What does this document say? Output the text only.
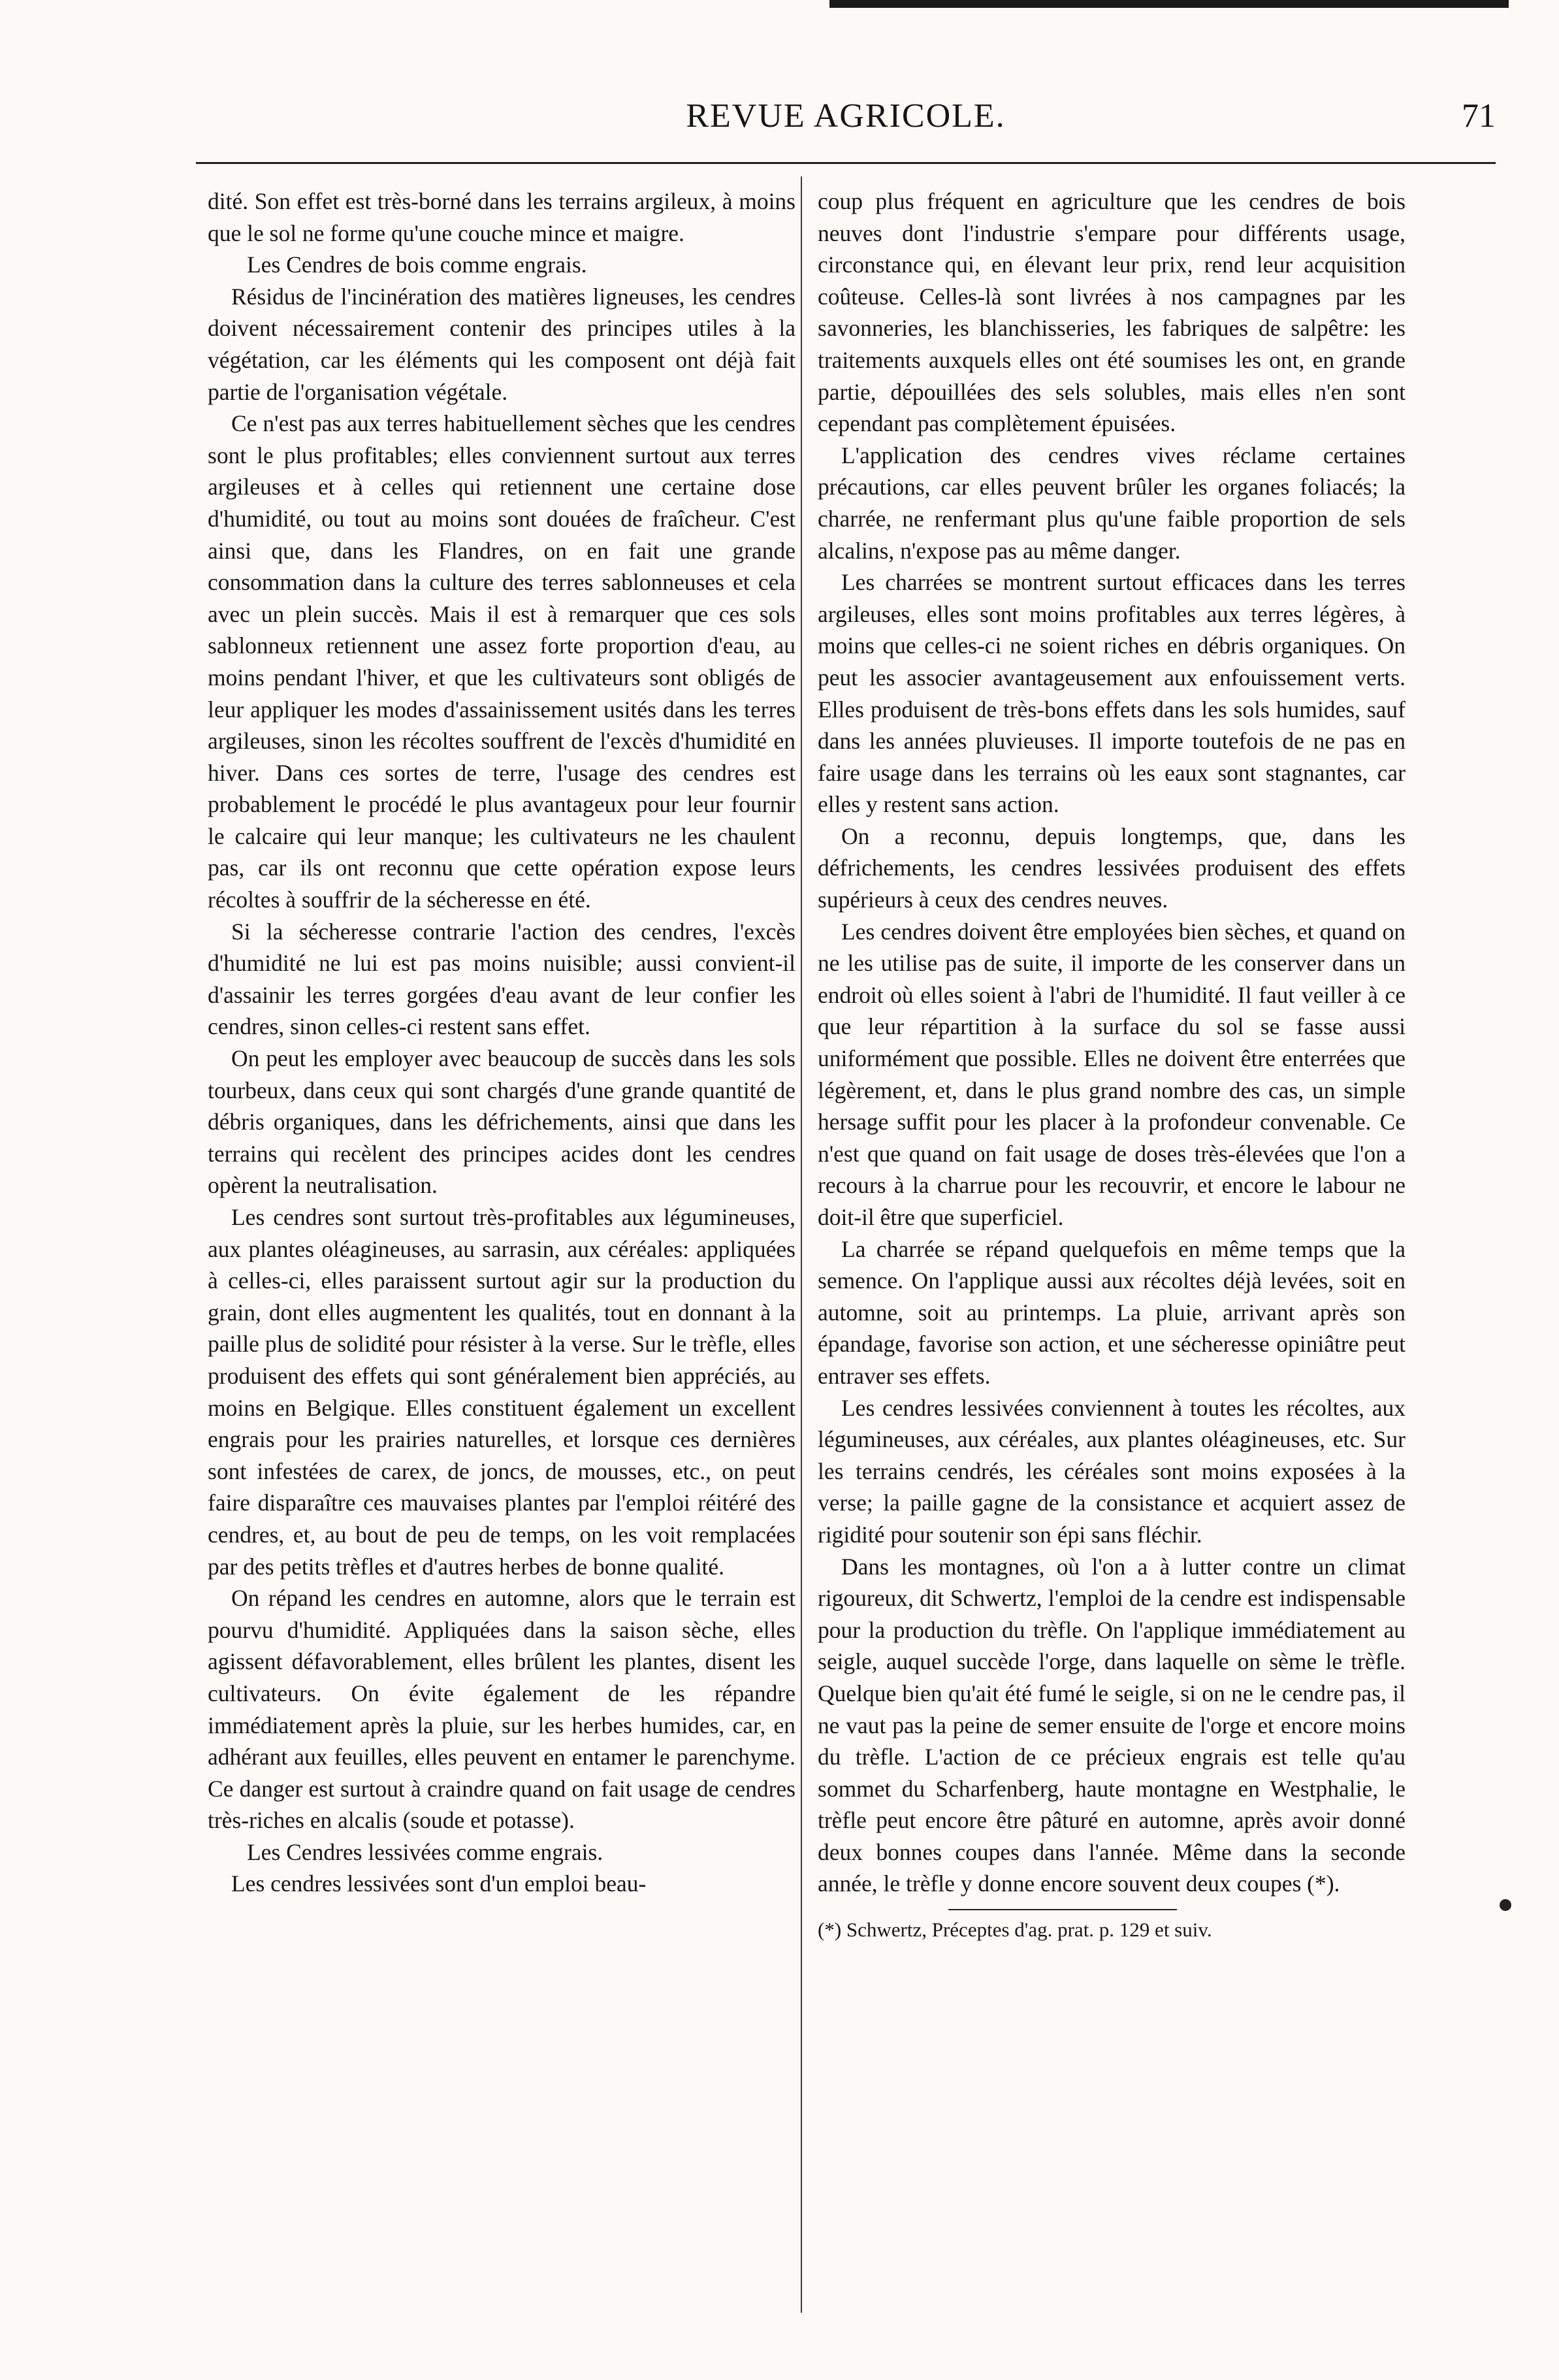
REVUE AGRICOLE.	71

dité. Son effet est très-borné dans les terrains argileux, à moins que le sol ne forme qu'une couche mince et maigre.

Les Cendres de bois comme engrais.

Résidus de l'incinération des matières ligneuses, les cendres doivent nécessairement contenir des principes utiles à la végétation, car les éléments qui les composent ont déjà fait partie de l'organisation végétale.

Ce n'est pas aux terres habituellement sèches que les cendres sont le plus profitables; elles conviennent surtout aux terres argileuses et à celles qui retiennent une certaine dose d'humidité, ou tout au moins sont douées de fraîcheur. C'est ainsi que, dans les Flandres, on en fait une grande consommation dans la culture des terres sablonneuses et cela avec un plein succès. Mais il est à remarquer que ces sols sablonneux retiennent une assez forte proportion d'eau, au moins pendant l'hiver, et que les cultivateurs sont obligés de leur appliquer les modes d'assainissement usités dans les terres argileuses, sinon les récoltes souffrent de l'excès d'humidité en hiver. Dans ces sortes de terre, l'usage des cendres est probablement le procédé le plus avantageux pour leur fournir le calcaire qui leur manque; les cultivateurs ne les chaulent pas, car ils ont reconnu que cette opération expose leurs récoltes à souffrir de la sécheresse en été.

Si la sécheresse contrarie l'action des cendres, l'excès d'humidité ne lui est pas moins nuisible; aussi convient-il d'assainir les terres gorgées d'eau avant de leur confier les cendres, sinon celles-ci restent sans effet.

On peut les employer avec beaucoup de succès dans les sols tourbeux, dans ceux qui sont chargés d'une grande quantité de débris organiques, dans les défrichements, ainsi que dans les terrains qui recèlent des principes acides dont les cendres opèrent la neutralisation.

Les cendres sont surtout très-profitables aux légumineuses, aux plantes oléagineuses, au sarrasin, aux céréales: appliquées à celles-ci, elles paraissent surtout agir sur la production du grain, dont elles augmentent les qualités, tout en donnant à la paille plus de solidité pour résister à la verse. Sur le trèfle, elles produisent des effets qui sont généralement bien appréciés, au moins en Belgique. Elles constituent également un excellent engrais pour les prairies naturelles, et lorsque ces dernières sont infestées de carex, de joncs, de mousses, etc., on peut faire disparaître ces mauvaises plantes par l'emploi réitéré des cendres, et, au bout de peu de temps, on les voit remplacées par des petits trèfles et d'autres herbes de bonne qualité.

On répand les cendres en automne, alors que le terrain est pourvu d'humidité. Appliquées dans la saison sèche, elles agissent défavorablement, elles brûlent les plantes, disent les cultivateurs. On évite également de les répandre immédiatement après la pluie, sur les herbes humides, car, en adhérant aux feuilles, elles peuvent en entamer le parenchyme. Ce danger est surtout à craindre quand on fait usage de cendres très-riches en alcalis (soude et potasse).

Les Cendres lessivées comme engrais.

Les cendres lessivées sont d'un emploi beau-

coup plus fréquent en agriculture que les cendres de bois neuves dont l'industrie s'empare pour différents usage, circonstance qui, en élevant leur prix, rend leur acquisition coûteuse. Celles-là sont livrées à nos campagnes par les savonneries, les blanchisseries, les fabriques de salpêtre: les traitements auxquels elles ont été soumises les ont, en grande partie, dépouillées des sels solubles, mais elles n'en sont cependant pas complètement épuisées.

L'application des cendres vives réclame certaines précautions, car elles peuvent brûler les organes foliacés; la charrée, ne renfermant plus qu'une faible proportion de sels alcalins, n'expose pas au même danger.

Les charrées se montrent surtout efficaces dans les terres argileuses, elles sont moins profitables aux terres légères, à moins que celles-ci ne soient riches en débris organiques. On peut les associer avantageusement aux enfouissement verts. Elles produisent de très-bons effets dans les sols humides, sauf dans les années pluvieuses. Il importe toutefois de ne pas en faire usage dans les terrains où les eaux sont stagnantes, car elles y restent sans action.

On a reconnu, depuis longtemps, que, dans les défrichements, les cendres lessivées produisent des effets supérieurs à ceux des cendres neuves.

Les cendres doivent être employées bien sèches, et quand on ne les utilise pas de suite, il importe de les conserver dans un endroit où elles soient à l'abri de l'humidité. Il faut veiller à ce que leur répartition à la surface du sol se fasse aussi uniformément que possible. Elles ne doivent être enterrées que légèrement, et, dans le plus grand nombre des cas, un simple hersage suffit pour les placer à la profondeur convenable. Ce n'est que quand on fait usage de doses très-élevées que l'on a recours à la charrue pour les recouvrir, et encore le labour ne doit-il être que superficiel.

La charrée se répand quelquefois en même temps que la semence. On l'applique aussi aux récoltes déjà levées, soit en automne, soit au printemps. La pluie, arrivant après son épandage, favorise son action, et une sécheresse opiniâtre peut entraver ses effets.

Les cendres lessivées conviennent à toutes les récoltes, aux légumineuses, aux céréales, aux plantes oléagineuses, etc. Sur les terrains cendrés, les céréales sont moins exposées à la verse; la paille gagne de la consistance et acquiert assez de rigidité pour soutenir son épi sans fléchir.

Dans les montagnes, où l'on a à lutter contre un climat rigoureux, dit Schwertz, l'emploi de la cendre est indispensable pour la production du trèfle. On l'applique immédiatement au seigle, auquel succède l'orge, dans laquelle on sème le trèfle. Quelque bien qu'ait été fumé le seigle, si on ne le cendre pas, il ne vaut pas la peine de semer ensuite de l'orge et encore moins du trèfle. L'action de ce précieux engrais est telle qu'au sommet du Scharfenberg, haute montagne en Westphalie, le trèfle peut encore être pâturé en automne, après avoir donné deux bonnes coupes dans l'année. Même dans la seconde année, le trèfle y donne encore souvent deux coupes (*).

(*) Schwertz, Préceptes d'ag. prat. p. 129 et suiv.
